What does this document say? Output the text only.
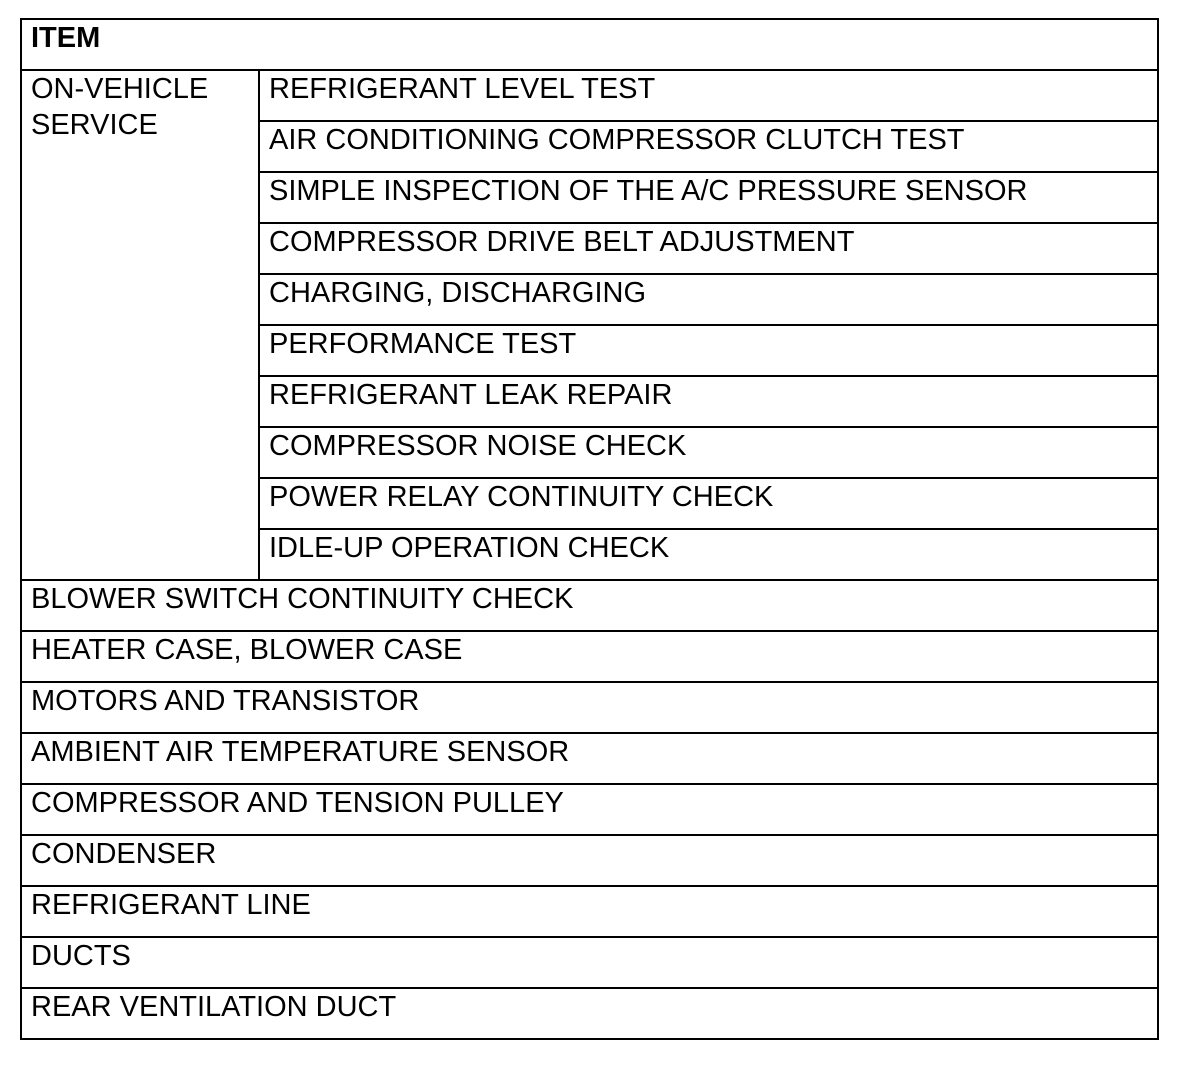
ITEM
ON-VEHICLE SERVICE	REFRIGERANT LEVEL TEST
AIR CONDITIONING COMPRESSOR CLUTCH TEST
SIMPLE INSPECTION OF THE A/C PRESSURE SENSOR
COMPRESSOR DRIVE BELT ADJUSTMENT
CHARGING, DISCHARGING
PERFORMANCE TEST
REFRIGERANT LEAK REPAIR
COMPRESSOR NOISE CHECK
POWER RELAY CONTINUITY CHECK
IDLE-UP OPERATION CHECK
BLOWER SWITCH CONTINUITY CHECK
HEATER CASE, BLOWER CASE
MOTORS AND TRANSISTOR
AMBIENT AIR TEMPERATURE SENSOR
COMPRESSOR AND TENSION PULLEY
CONDENSER
REFRIGERANT LINE
DUCTS
REAR VENTILATION DUCT
